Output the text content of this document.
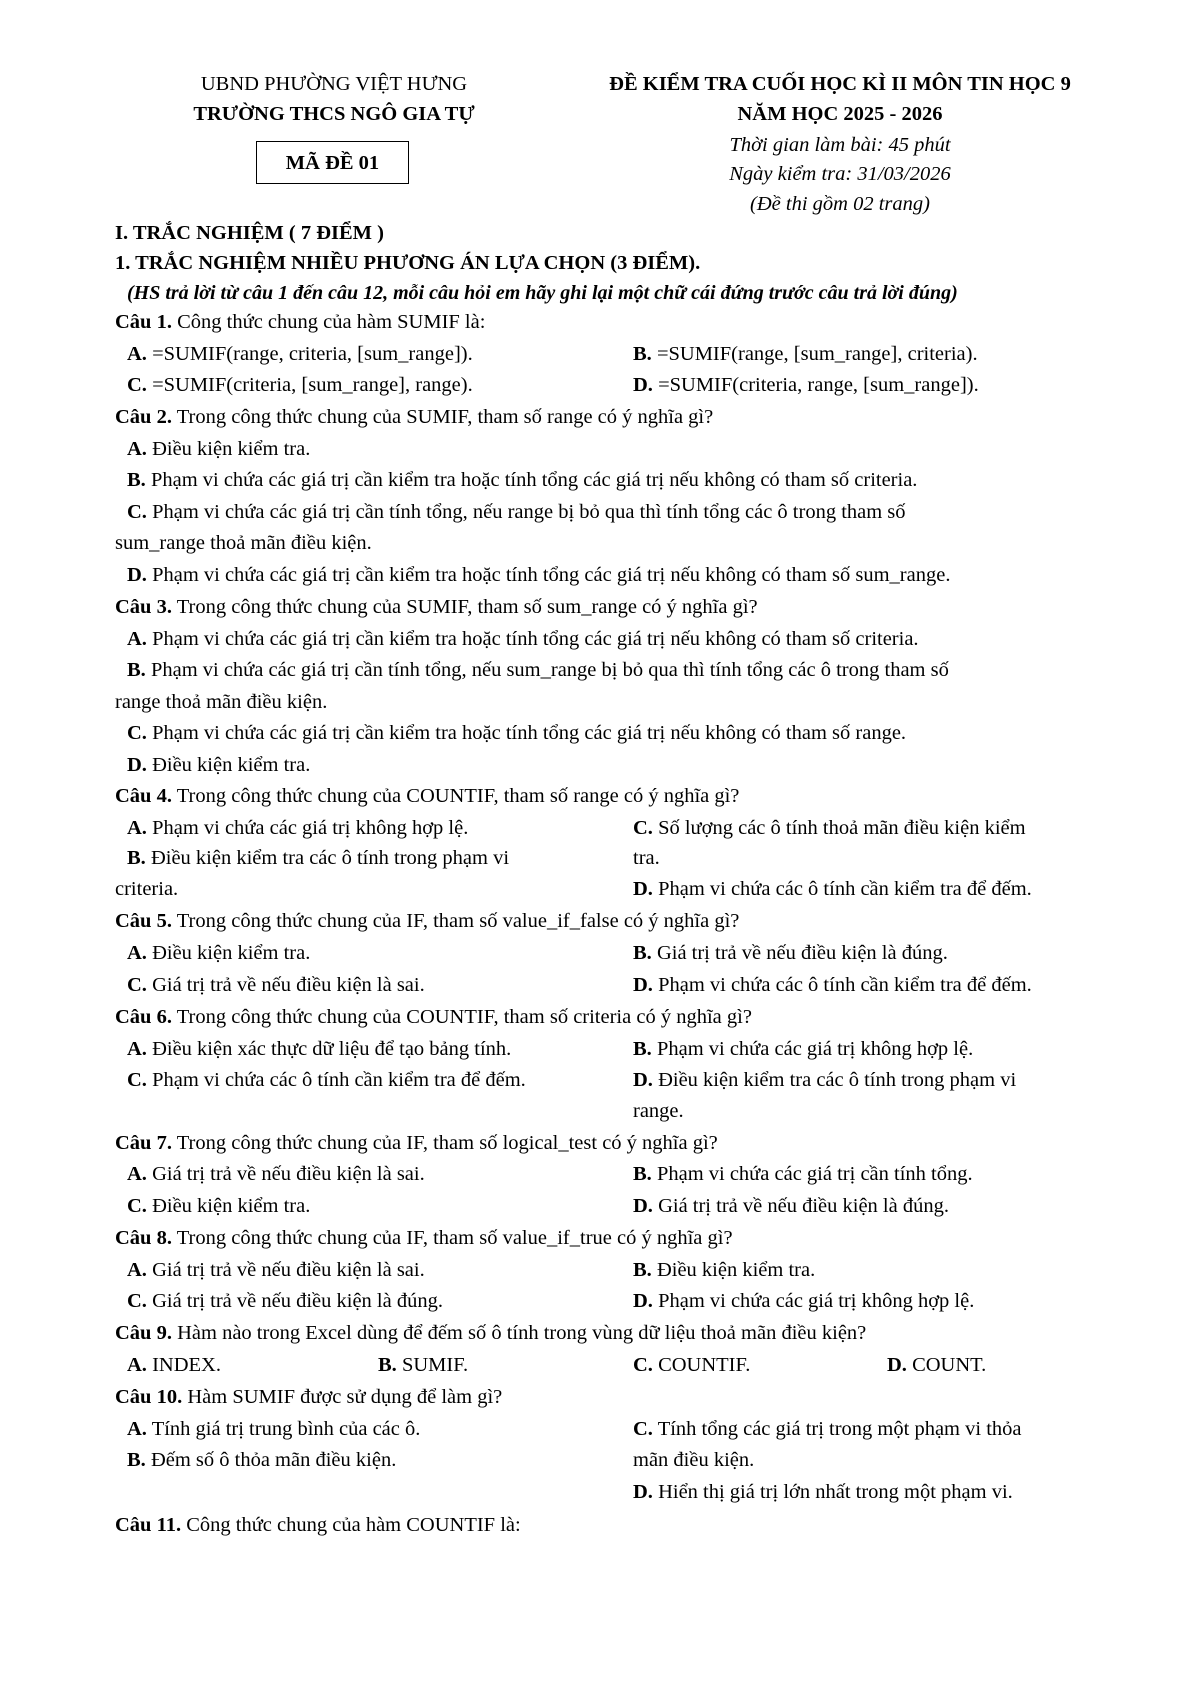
UBND PHƯỜNG VIỆT HƯNG
TRƯỜNG THCS NGÔ GIA TỰ
MÃ ĐỀ 01
ĐỀ KIỂM TRA CUỐI HỌC KÌ II MÔN TIN HỌC 9
NĂM HỌC 2025 - 2026
Thời gian làm bài: 45 phút
Ngày kiểm tra: 31/03/2026
(Đề thi gồm 02 trang)
I. TRẮC NGHIỆM ( 7 ĐIỂM )
1. TRẮC NGHIỆM NHIỀU PHƯƠNG ÁN LỰA CHỌN (3 ĐIỂM).
(HS trả lời từ câu 1 đến câu 12, mỗi câu hỏi em hãy ghi lại một chữ cái đứng trước câu trả lời đúng)
Câu 1. Công thức chung của hàm SUMIF là:
A. =SUMIF(range, criteria, [sum_range]).	B. =SUMIF(range, [sum_range], criteria).
C. =SUMIF(criteria, [sum_range], range).	D. =SUMIF(criteria, range, [sum_range]).
Câu 2. Trong công thức chung của SUMIF, tham số range có ý nghĩa gì?
A. Điều kiện kiểm tra.
B. Phạm vi chứa các giá trị cần kiểm tra hoặc tính tổng các giá trị nếu không có tham số criteria.
C. Phạm vi chứa các giá trị cần tính tổng, nếu range bị bỏ qua thì tính tổng các ô trong tham số
sum_range thoả mãn điều kiện.
D. Phạm vi chứa các giá trị cần kiểm tra hoặc tính tổng các giá trị nếu không có tham số sum_range.
Câu 3. Trong công thức chung của SUMIF, tham số sum_range có ý nghĩa gì?
A. Phạm vi chứa các giá trị cần kiểm tra hoặc tính tổng các giá trị nếu không có tham số criteria.
B. Phạm vi chứa các giá trị cần tính tổng, nếu sum_range bị bỏ qua thì tính tổng các ô trong tham số
range thoả mãn điều kiện.
C. Phạm vi chứa các giá trị cần kiểm tra hoặc tính tổng các giá trị nếu không có tham số range.
D. Điều kiện kiểm tra.
Câu 4. Trong công thức chung của COUNTIF, tham số range có ý nghĩa gì?
A. Phạm vi chứa các giá trị không hợp lệ.
B. Điều kiện kiểm tra các ô tính trong phạm vi
criteria.
C. Số lượng các ô tính thoả mãn điều kiện kiểm
tra.
D. Phạm vi chứa các ô tính cần kiểm tra để đếm.
Câu 5. Trong công thức chung của IF, tham số value_if_false có ý nghĩa gì?
A. Điều kiện kiểm tra.	B. Giá trị trả về nếu điều kiện là đúng.
C. Giá trị trả về nếu điều kiện là sai.	D. Phạm vi chứa các ô tính cần kiểm tra để đếm.
Câu 6. Trong công thức chung của COUNTIF, tham số criteria có ý nghĩa gì?
A. Điều kiện xác thực dữ liệu để tạo bảng tính.	B. Phạm vi chứa các giá trị không hợp lệ.
C. Phạm vi chứa các ô tính cần kiểm tra để đếm.	D. Điều kiện kiểm tra các ô tính trong phạm vi
range.
Câu 7. Trong công thức chung của IF, tham số logical_test có ý nghĩa gì?
A. Giá trị trả về nếu điều kiện là sai.	B. Phạm vi chứa các giá trị cần tính tổng.
C. Điều kiện kiểm tra.	D. Giá trị trả về nếu điều kiện là đúng.
Câu 8. Trong công thức chung của IF, tham số value_if_true có ý nghĩa gì?
A. Giá trị trả về nếu điều kiện là sai.	B. Điều kiện kiểm tra.
C. Giá trị trả về nếu điều kiện là đúng.	D. Phạm vi chứa các giá trị không hợp lệ.
Câu 9. Hàm nào trong Excel dùng để đếm số ô tính trong vùng dữ liệu thoả mãn điều kiện?
A. INDEX.	B. SUMIF.	C. COUNTIF.	D. COUNT.
Câu 10. Hàm SUMIF được sử dụng để làm gì?
A. Tính giá trị trung bình của các ô.
B. Đếm số ô thỏa mãn điều kiện.
C. Tính tổng các giá trị trong một phạm vi thỏa
mãn điều kiện.
D. Hiển thị giá trị lớn nhất trong một phạm vi.
Câu 11. Công thức chung của hàm COUNTIF là:
